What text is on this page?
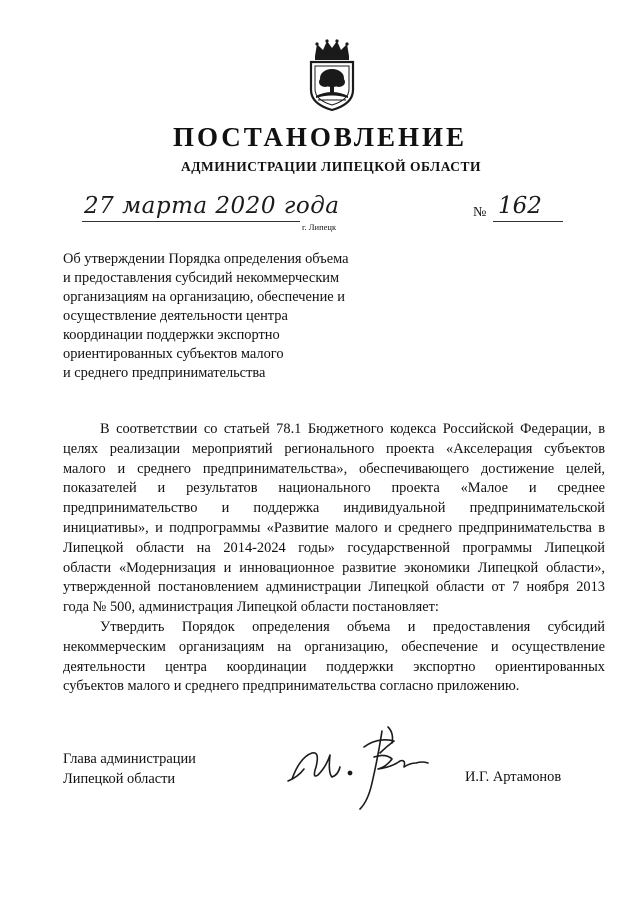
ПОСТАНОВЛЕНИЕ
АДМИНИСТРАЦИИ ЛИПЕЦКОЙ ОБЛАСТИ
27 марта 2020 года
г. Липецк
№ 162
Об утверждении Порядка определения объема
и предоставления субсидий некоммерческим
организациям на организацию, обеспечение и
осуществление деятельности центра
координации поддержки экспортно
ориентированных субъектов малого
и среднего предпринимательства
В соответствии со статьей 78.1 Бюджетного кодекса Российской Федерации, в
целях реализации мероприятий регионального проекта «Акселерация субъектов
малого и среднего предпринимательства», обеспечивающего достижение целей,
показателей и результатов национального проекта «Малое и среднее
предпринимательство и поддержка индивидуальной предпринимательской
инициативы», и подпрограммы «Развитие малого и среднего предпринимательства в
Липецкой области на 2014-2024 годы» государственной программы Липецкой
области «Модернизация и инновационное развитие экономики Липецкой области»,
утвержденной постановлением администрации Липецкой области от 7 ноября 2013
года № 500, администрация Липецкой области постановляет:
Утвердить Порядок определения объема и предоставления субсидий
некоммерческим организациям на организацию, обеспечение и осуществление
деятельности центра координации поддержки экспортно ориентированных
субъектов малого и среднего предпринимательства согласно приложению.
Глава администрации
Липецкой области	И.Г. Артамонов
